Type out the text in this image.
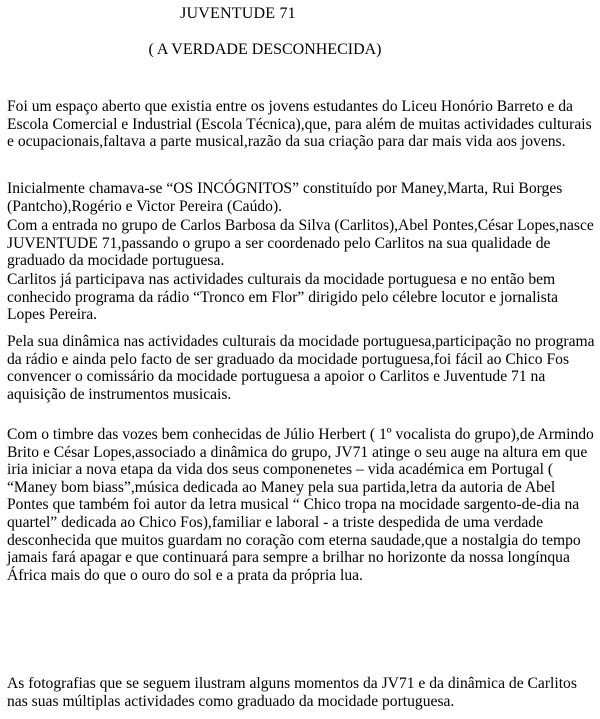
JUVENTUDE 71
( A VERDADE DESCONHECIDA)

Foi um espaço aberto que existia entre os jovens estudantes do Liceu Honório Barreto e da Escola Comercial e Industrial (Escola Técnica),que, para além de muitas actividades culturais e ocupacionais,faltava a parte musical,razão da sua criação para dar mais vida aos jovens.

Inicialmente chamava-se “OS INCÓGNITOS” constituído por Maney,Marta, Rui Borges (Pantcho),Rogério e Victor Pereira (Caúdo).

Com a entrada no grupo de Carlos Barbosa da Silva (Carlitos),Abel Pontes,César Lopes,nasce JUVENTUDE 71,passando o grupo a ser coordenado pelo Carlitos na sua qualidade de graduado da mocidade portuguesa.

Carlitos já participava nas actividades culturais da mocidade portuguesa e no então bem conhecido programa da rádio “Tronco em Flor” dirigido pelo célebre locutor e jornalista Lopes Pereira.

Pela sua dinâmica nas actividades culturais da mocidade portuguesa,participação no programa da rádio e ainda pelo facto de ser graduado da mocidade portuguesa,foi fácil ao Chico Fos convencer o comissário da mocidade portuguesa a apoior o Carlitos e Juventude 71 na aquisição de instrumentos musicais.

Com o timbre das vozes bem conhecidas de Júlio Herbert ( 1º vocalista do grupo),de Armindo Brito e César Lopes,associado a dinâmica do grupo, JV71 atinge o seu auge na altura em que iria iniciar a nova etapa da vida dos seus componenetes – vida académica em Portugal ( “Maney bom biass”,música dedicada ao Maney pela sua partida,letra da autoria de Abel Pontes que também foi autor da letra musical “ Chico tropa na mocidade sargento-de-dia na quartel” dedicada ao Chico Fos),familiar e laboral - a triste despedida de uma verdade desconhecida que muitos guardam no coração com eterna saudade,que a nostalgia do tempo jamais fará apagar e que continuará para sempre a brilhar no horizonte da nossa longínqua África mais do que o ouro do sol e a prata da própria lua.

As fotografias que se seguem ilustram alguns momentos da JV71 e da dinâmica de Carlitos nas suas múltiplas actividades como graduado da mocidade portuguesa.
